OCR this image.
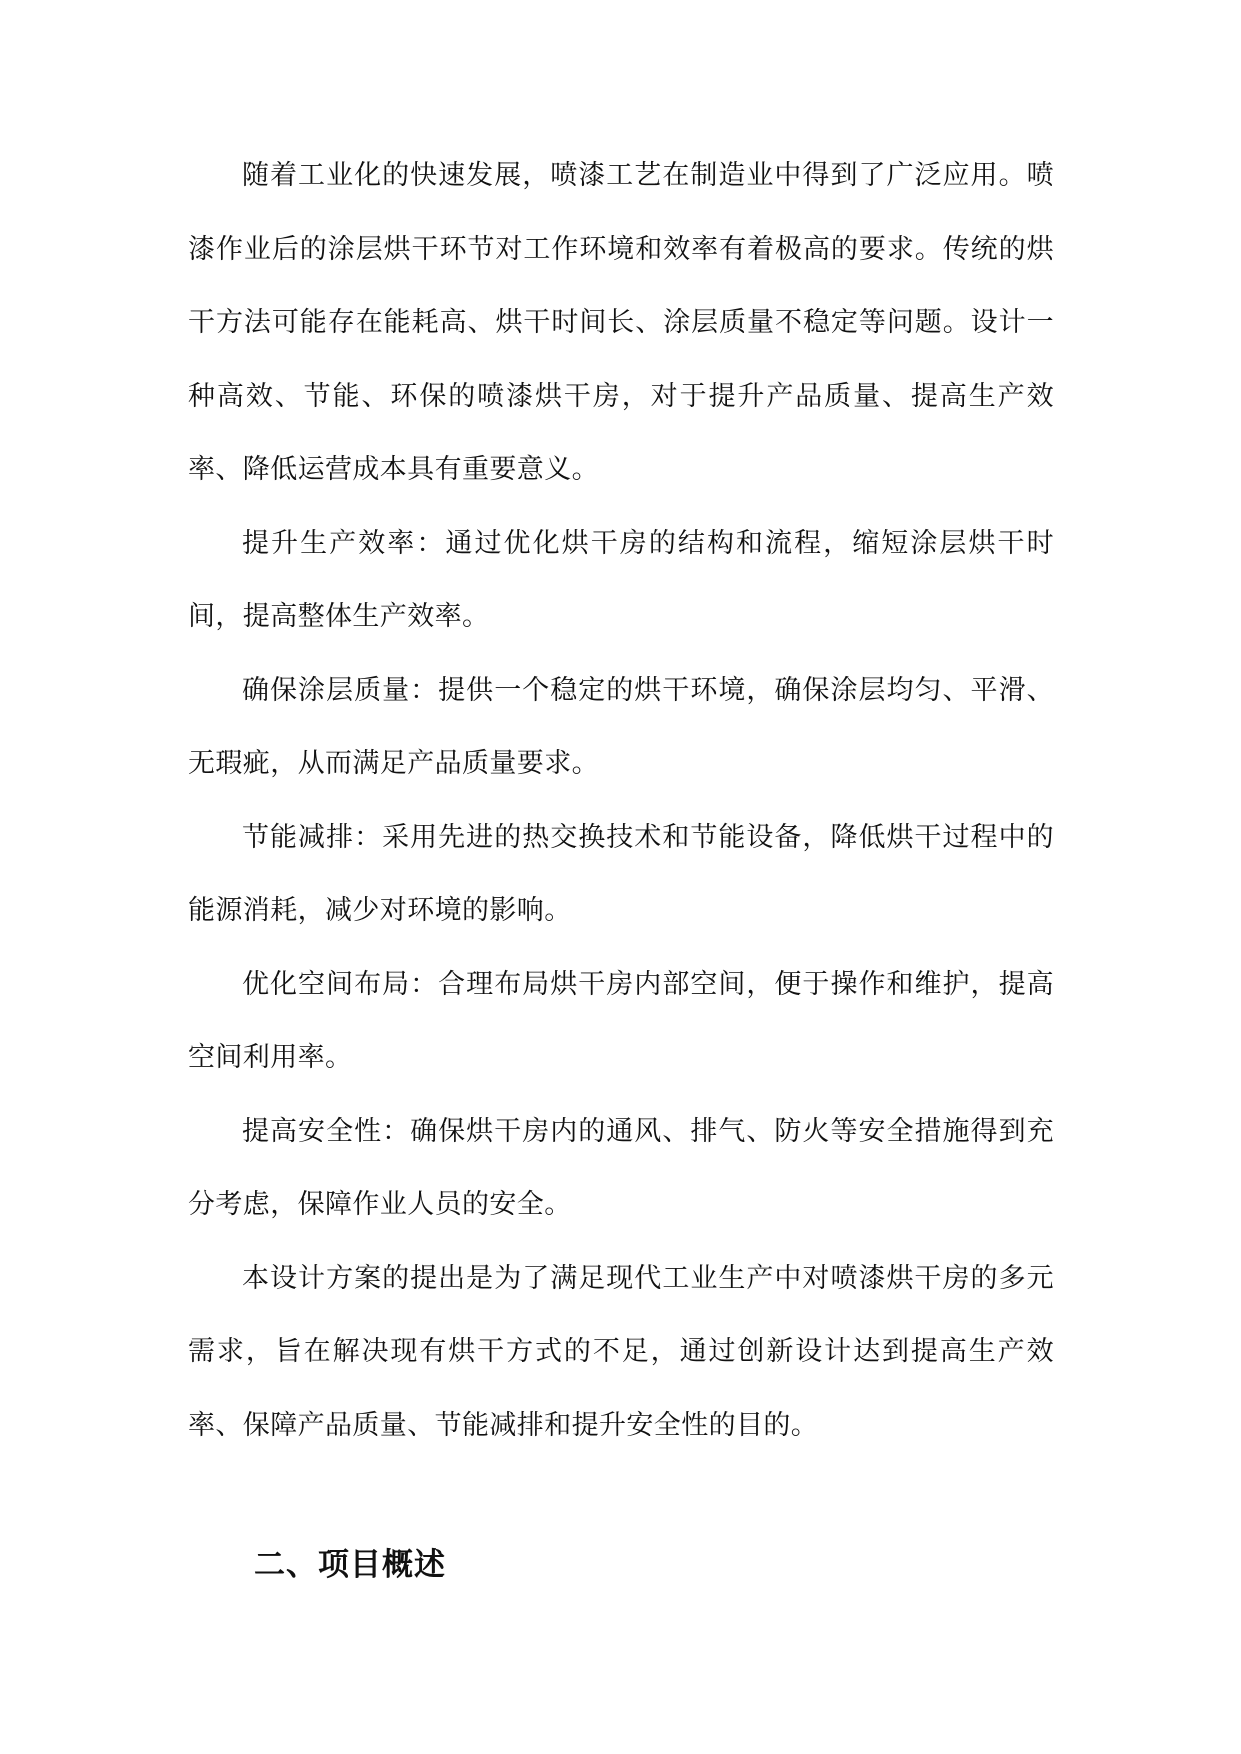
随着工业化的快速发展，喷漆工艺在制造业中得到了广泛应用。喷漆作业后的涂层烘干环节对工作环境和效率有着极高的要求。传统的烘干方法可能存在能耗高、烘干时间长、涂层质量不稳定等问题。设计一种高效、节能、环保的喷漆烘干房，对于提升产品质量、提高生产效率、降低运营成本具有重要意义。

提升生产效率：通过优化烘干房的结构和流程，缩短涂层烘干时间，提高整体生产效率。

确保涂层质量：提供一个稳定的烘干环境，确保涂层均匀、平滑、无瑕疵，从而满足产品质量要求。

节能减排：采用先进的热交换技术和节能设备，降低烘干过程中的能源消耗，减少对环境的影响。

优化空间布局：合理布局烘干房内部空间，便于操作和维护，提高空间利用率。

提高安全性：确保烘干房内的通风、排气、防火等安全措施得到充分考虑，保障作业人员的安全。

本设计方案的提出是为了满足现代工业生产中对喷漆烘干房的多元需求，旨在解决现有烘干方式的不足，通过创新设计达到提高生产效率、保障产品质量、节能减排和提升安全性的目的。

二、项目概述
